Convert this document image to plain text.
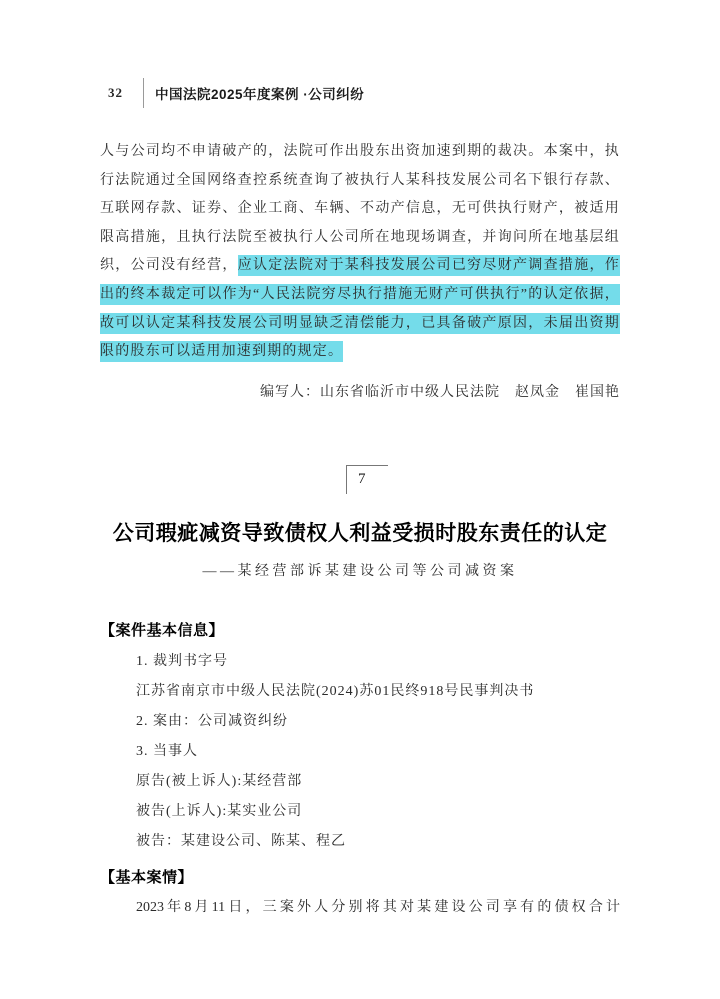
32	中国法院2025年度案例 ·公司纠纷

人与公司均不申请破产的，法院可作出股东出资加速到期的裁决。本案中，执行法院通过全国网络查控系统查询了被执行人某科技发展公司名下银行存款、互联网存款、证券、企业工商、车辆、不动产信息，无可供执行财产，被适用限高措施，且执行法院至被执行人公司所在地现场调查，并询问所在地基层组织，公司没有经营，应认定法院对于某科技发展公司已穷尽财产调查措施，作出的终本裁定可以作为“人民法院穷尽执行措施无财产可供执行”的认定依据，故可以认定某科技发展公司明显缺乏清偿能力，已具备破产原因，未届出资期限的股东可以适用加速到期的规定。

编写人：山东省临沂市中级人民法院　赵凤金　崔国艳
7
公司瑕疵减资导致债权人利益受损时股东责任的认定
——某经营部诉某建设公司等公司减资案
【案件基本信息】
1. 裁判书字号
江苏省南京市中级人民法院(2024)苏01民终918号民事判决书
2. 案由：公司减资纠纷
3. 当事人
原告(被上诉人):某经营部
被告(上诉人):某实业公司
被告：某建设公司、陈某、程乙
【基本案情】

2023年8月11日，三案外人分别将其对某建设公司享有的债权合计
